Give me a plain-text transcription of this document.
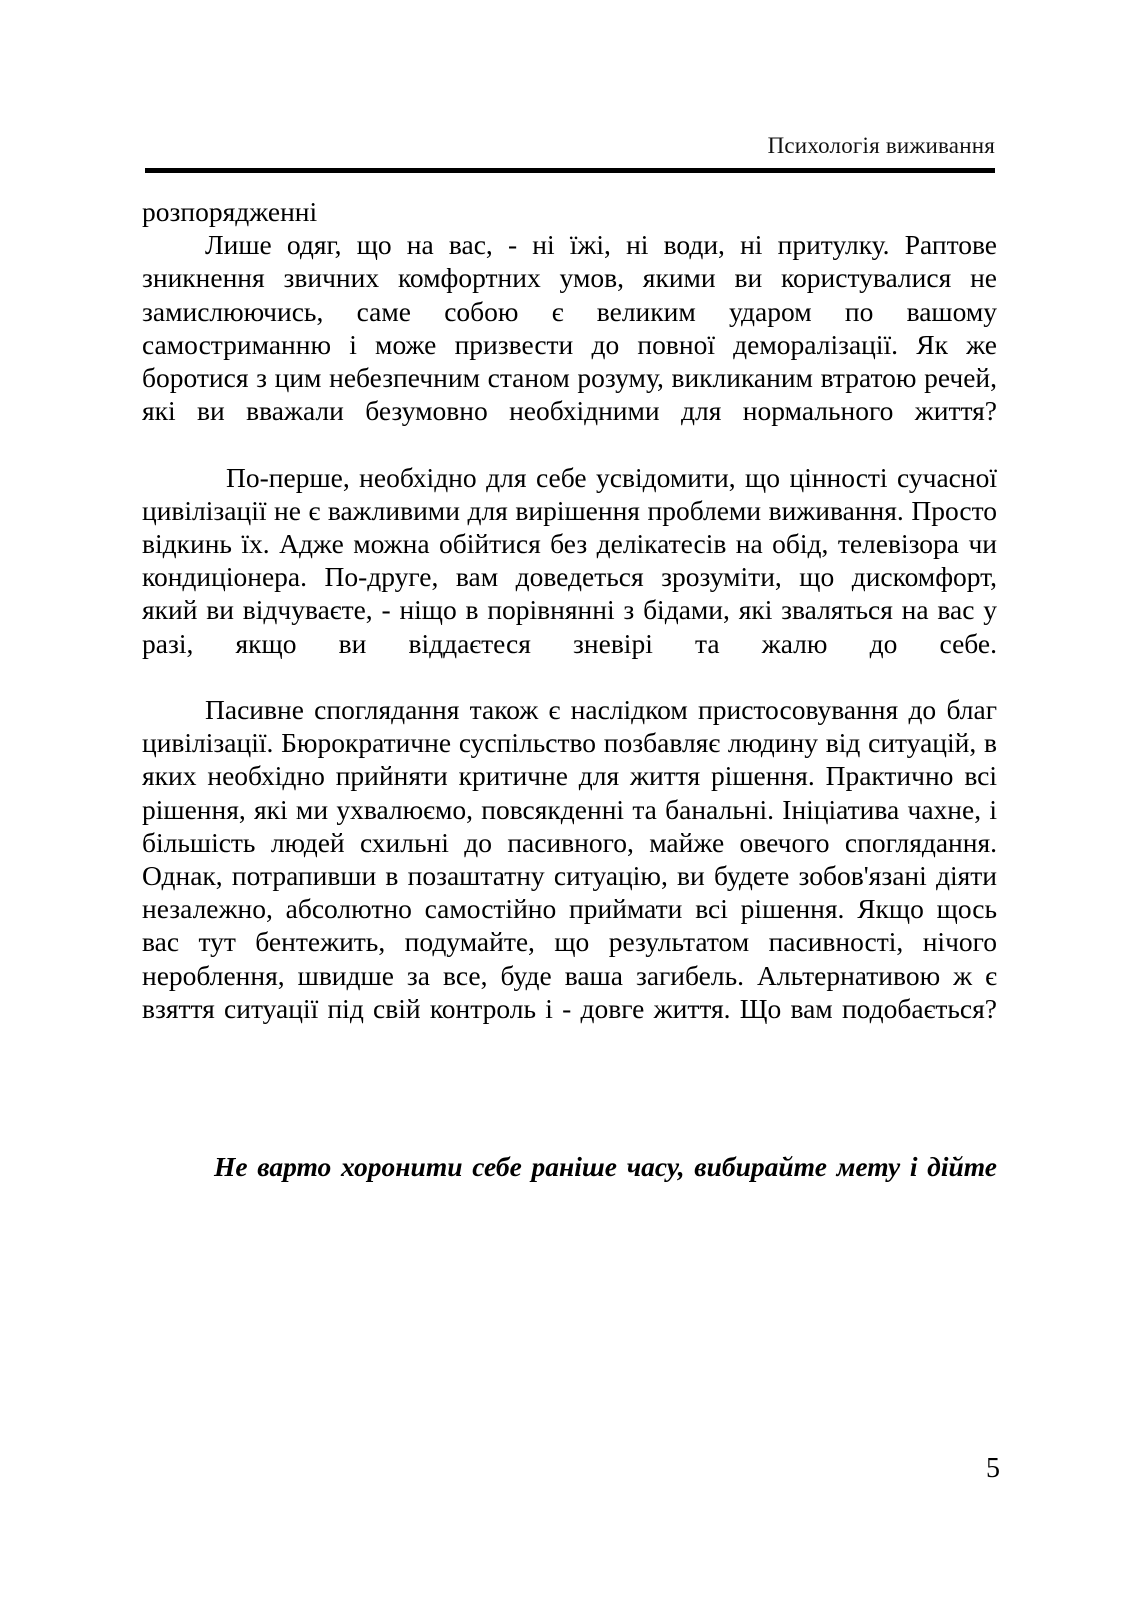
Психологія виживання

розпорядженні

Лише одяг, що на вас, - ні їжі, ні води, ні притулку. Раптове зникнення звичних комфортних умов, якими ви користувалися не замислюючись, саме собою є великим ударом по вашому самостриманню і може призвести до повної деморалізації. Як же боротися з цим небезпечним станом розуму, викликаним втратою речей, які ви вважали безумовно необхідними для нормального життя?

По-перше, необхідно для себе усвідомити, що цінності сучасної цивілізації не є важливими для вирішення проблеми виживання. Просто відкинь їх. Адже можна обійтися без делікатесів на обід, телевізора чи кондиціонера. По-друге, вам доведеться зрозуміти, що дискомфорт, який ви відчуваєте, - ніщо в порівнянні з бідами, які зваляться на вас у разі, якщо ви віддаєтеся зневірі та жалю до себе.

Пасивне споглядання також є наслідком пристосовування до благ цивілізації. Бюрократичне суспільство позбавляє людину від ситуацій, в яких необхідно прийняти критичне для життя рішення. Практично всі рішення, які ми ухвалюємо, повсякденні та банальні. Ініціатива чахне, і більшість людей схильні до пасивного, майже овечого споглядання. Однак, потрапивши в позаштатну ситуацію, ви будете зобов'язані діяти незалежно, абсолютно самостійно приймати всі рішення. Якщо щось вас тут бентежить, подумайте, що результатом пасивності, нічого нероблення, швидше за все, буде ваша загибель. Альтернативою ж є взяття ситуації під свій контроль і - довге життя. Що вам подобається?

Не варто хоронити себе раніше часу, вибирайте мету і дійте

5
